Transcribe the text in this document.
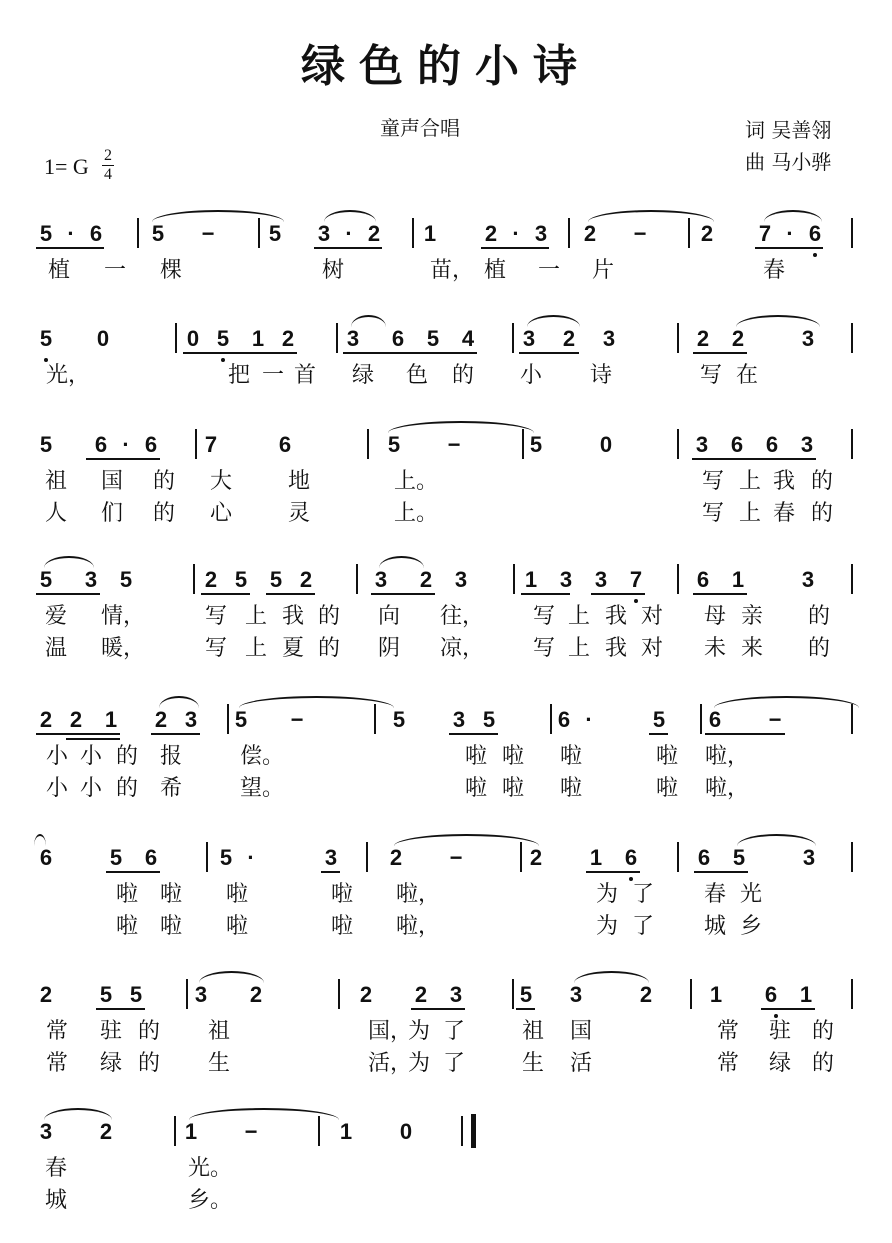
绿色的小诗
童声合唱	词 吴善翎
曲 马小骅
1= G 2
4
5 · 6 5 − 5 3 · 2 1 2 · 3 2 − 2 7 · 6
植 一 棵	树	苗， 植 一 片	春
5 0	0 5 1 2 3 6 5 4 3 2 3	2 2	3
光，	把 一 首 绿 色 的 小 诗	写 在
5 6 · 6 7	6	5 −	5	0	3 6 6 3
祖 国 的 大	地	上。	写 上 我 的
人 们 的 心	灵	上。	写 上 春 的
5 3 5	2 5 5 2	3 2 3	1 3 3 7 6 1	3
爱 情，	写 上 我 的 向 往， 写 上 我 对 母 亲 的
温 暖，	写 上 夏 的 阴 凉， 写 上 我 对 未 来 的
2 2 1 2 3 5 −	5 3 5	6 ·	5 6 −
小 小 的 报	偿。	啦 啦 啦	啦 啦，
小 小 的 希	望。	啦 啦 啦	啦 啦，
6	5 6	5 ·	3 2 −	2 1 6	6 5	3
啦 啦 啦	啦 啦，	为 了 春 光
啦 啦 啦	啦 啦，	为 了 城 乡
2 5 5 3 2	2 2 3	5 3	2	1 6 1
常 驻 的 祖	国，
为 了	祖 国	常 驻 的
常 绿 的 生	活，
为 了	生 活	常 绿 的
3 2	1 −	1 0
春	光。
城	乡。
